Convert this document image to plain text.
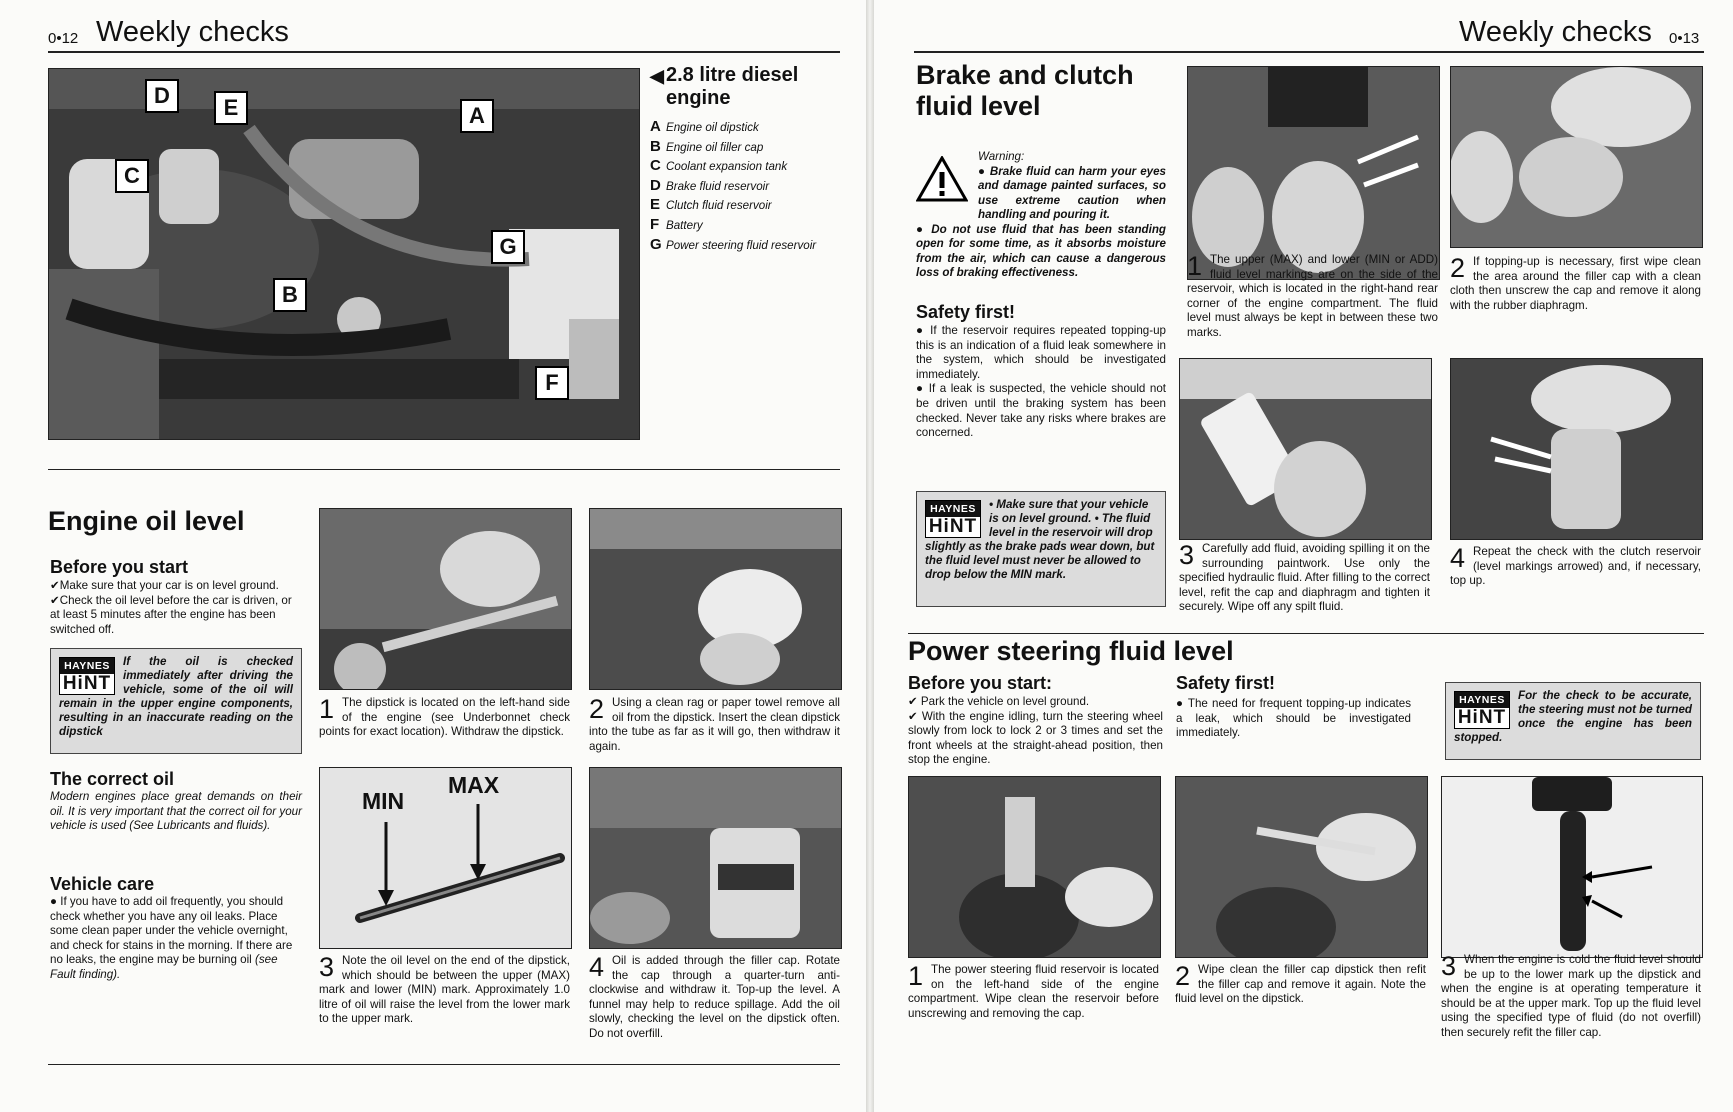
0•12 Weekly checks
D	E	A
C
G
B
F
◀ 2.8 litre diesel engine
A Engine oil dipstick
B Engine oil filler cap
C Coolant expansion tank
D Brake fluid reservoir
E Clutch fluid reservoir
F Battery
G Power steering fluid reservoir
Engine oil level
Before you start
✔Make sure that your car is on level ground.
✔Check the oil level before the car is driven, or at least 5 minutes after the engine has been switched off.
HAYNES
HiNT
If the oil is checked immediately after driving the vehicle, some of the oil will remain in the upper engine components, resulting in an inaccurate reading on the dipstick
The correct oil
Modern engines place great demands on their oil. It is very important that the correct oil for your vehicle is used (See Lubricants and fluids).
Vehicle care
● If you have to add oil frequently, you should check whether you have any oil leaks. Place some clean paper under the vehicle overnight, and check for stains in the morning. If there are no leaks, the engine may be burning oil (see Fault finding).
1 The dipstick is located on the left-hand side of the engine (see Underbonnet check points for exact location). Withdraw the dipstick.
2 Using a clean rag or paper towel remove all oil from the dipstick. Insert the clean dipstick into the tube as far as it will go, then withdraw it again.
MIN
MAX
3 Note the oil level on the end of the dipstick, which should be between the upper (MAX) mark and lower (MIN) mark. Approximately 1.0 litre of oil will raise the level from the lower mark to the upper mark.
4 Oil is added through the filler cap. Rotate the cap through a quarter-turn anti-clockwise and withdraw it. Top-up the level. A funnel may help to reduce spillage. Add the oil slowly, checking the level on the dipstick often. Do not overfill.
Weekly checks 0•13
Brake and clutch fluid level
Warning:
● Brake fluid can harm your eyes and damage painted surfaces, so use extreme caution when handling and pouring it.
● Do not use fluid that has been standing open for some time, as it absorbs moisture from the air, which can cause a dangerous loss of braking effectiveness.
Safety first!
● If the reservoir requires repeated topping-up this is an indication of a fluid leak somewhere in the system, which should be investigated immediately.
● If a leak is suspected, the vehicle should not be driven until the braking system has been checked. Never take any risks where brakes are concerned.
HAYNES
HiNT
• Make sure that your vehicle is on level ground. • The fluid level in the reservoir will drop slightly as the brake pads wear down, but the fluid level must never be allowed to drop below the MIN mark.
1 The upper (MAX) and lower (MIN or ADD) fluid level markings are on the side of the reservoir, which is located in the right-hand rear corner of the engine compartment. The fluid level must always be kept in between these two marks.
2 If topping-up is necessary, first wipe clean the area around the filler cap with a clean cloth then unscrew the cap and remove it along with the rubber diaphragm.
3 Carefully add fluid, avoiding spilling it on the surrounding paintwork. Use only the specified hydraulic fluid. After filling to the correct level, refit the cap and diaphragm and tighten it securely. Wipe off any spilt fluid.
4 Repeat the check with the clutch reservoir (level markings arrowed) and, if necessary, top up.
Power steering fluid level
Before you start:
✔ Park the vehicle on level ground.
✔ With the engine idling, turn the steering wheel slowly from lock to lock 2 or 3 times and set the front wheels at the straight-ahead position, then stop the engine.
Safety first!
● The need for frequent topping-up indicates a leak, which should be investigated immediately.
HAYNES
HiNT
For the check to be accurate, the steering must not be turned once the engine has been stopped.
1 The power steering fluid reservoir is located on the left-hand side of the engine compartment. Wipe clean the reservoir before unscrewing and removing the cap.
2 Wipe clean the filler cap dipstick then refit the filler cap and remove it again. Note the fluid level on the dipstick.
3 When the engine is cold the fluid level should be up to the lower mark up the dipstick and when the engine is at operating temperature it should be at the upper mark. Top up the fluid level using the specified type of fluid (do not overfill) then securely refit the filler cap.
